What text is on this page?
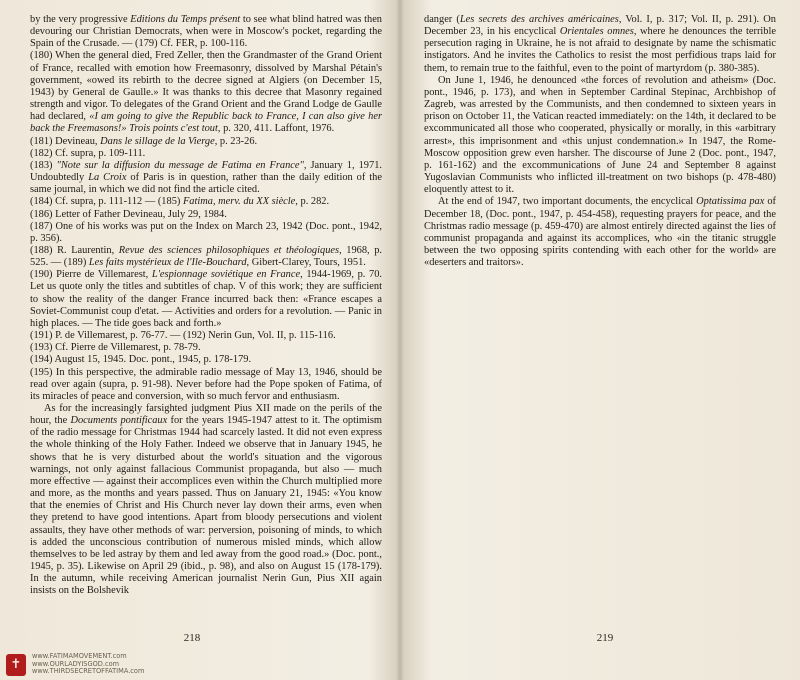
by the very progressive Editions du Temps présent to see what blind hatred was then devouring our Christian Democrats, when were in Moscow's pocket, regarding the Spain of the Crusade. — (179) Cf. FER, p. 100-116.

(180) When the general died, Fred Zeller, then the Grandmaster of the Grand Orient of France, recalled with emotion how Freemasonry, dissolved by Marshal Pétain's government, «owed its rebirth to the decree signed at Algiers (on December 15, 1943) by General de Gaulle.» It was thanks to this decree that Masonry regained strength and vigor. To delegates of the Grand Orient and the Grand Lodge de Gaulle had declared, «I am going to give the Republic back to France, I can also give her back the Freemasons!» Trois points c'est tout, p. 320, 411. Laffont, 1976.

(181) Devineau, Dans le sillage de la Vierge, p. 23-26.

(182) Cf. supra, p. 109-111.

(183) "Note sur la diffusion du message de Fatima en France", January 1, 1971. Undoubtedly La Croix of Paris is in question, rather than the daily edition of the same journal, in which we did not find the article cited.

(184) Cf. supra, p. 111-112 — (185) Fatima, merv. du XX siècle, p. 282.

(186) Letter of Father Devineau, July 29, 1984.

(187) One of his works was put on the Index on March 23, 1942 (Doc. pont., 1942, p. 356).

(188) R. Laurentin, Revue des sciences philosophiques et théologiques, 1968, p. 525. — (189) Les faits mystérieux de l'Ile-Bouchard, Gibert-Clarey, Tours, 1951.

(190) Pierre de Villemarest, L'espionnage soviétique en France, 1944-1969, p. 70. Let us quote only the titles and subtitles of chap. V of this work; they are sufficient to show the reality of the danger France incurred back then: «France escapes a Soviet-Communist coup d'etat. — Activities and orders for a revolution. — Panic in high places. — The tide goes back and forth.»

(191) P. de Villemarest, p. 76-77. — (192) Nerin Gun, Vol. II, p. 115-116.

(193) Cf. Pierre de Villemarest, p. 78-79.

(194) August 15, 1945. Doc. pont., 1945, p. 178-179.

(195) In this perspective, the admirable radio message of May 13, 1946, should be read over again (supra, p. 91-98). Never before had the Pope spoken of Fatima, of its miracles of peace and conversion, with so much fervor and enthusiasm.

As for the increasingly farsighted judgment Pius XII made on the perils of the hour, the Documents pontificaux for the years 1945-1947 attest to it. The optimism of the radio message for Christmas 1944 had scarcely lasted. It did not even express the whole thinking of the Holy Father. Indeed we observe that in January 1945, he shows that he is very disturbed about the world's situation and the vigorous warnings, not only against fallacious Communist propaganda, but also — much more effective — against their accomplices even within the Church multiplied more and more, as the months and years passed. Thus on January 21, 1945: «You know that the enemies of Christ and His Church never lay down their arms, even when they pretend to have good intentions. Apart from bloody persecutions and violent assaults, they have other methods of war: perversion, poisoning of minds, to which is added the unconscious contribution of numerous misled minds, which allow themselves to be led astray by them and led away from the good road.» (Doc. pont., 1945, p. 35). Likewise on April 29 (ibid., p. 98), and also on August 15 (178-179). In the autumn, while receiving American journalist Nerin Gun, Pius XII again insists on the Bolshevik

218
✝
www.FATIMAMOVEMENT.com
www.OURLADYISGOD.com
www.THIRDSECRETOFFATIMA.com

danger (Les secrets des archives américaines, Vol. I, p. 317; Vol. II, p. 291). On December 23, in his encyclical Orientales omnes, where he denounces the terrible persecution raging in Ukraine, he is not afraid to designate by name the schismatic instigators. And he invites the Catholics to resist the most perfidious traps laid for them, to remain true to the faithful, even to the point of martyrdom (p. 380-385).

On June 1, 1946, he denounced «the forces of revolution and atheism» (Doc. pont., 1946, p. 173), and when in September Cardinal Stepinac, Archbishop of Zagreb, was arrested by the Communists, and then condemned to sixteen years in prison on October 11, the Vatican reacted immediately: on the 14th, it declared to be excommunicated all those who cooperated, physically or morally, in this «arbitrary arrest», this imprisonment and «this unjust condemnation.» In 1947, the Rome-Moscow opposition grew even harsher. The discourse of June 2 (Doc. pont., 1947, p. 161-162) and the excommunications of June 24 and September 8 against Yugoslavian Communists who inflicted ill-treatment on two bishops (p. 478-480) eloquently attest to it.

At the end of 1947, two important documents, the encyclical Optatissima pax of December 18, (Doc. pont., 1947, p. 454-458), requesting prayers for peace, and the Christmas radio message (p. 459-470) are almost entirely directed against the lies of communist propaganda and against its accomplices, who «in the titanic struggle between the two opposing spirits contending with each other for the world» are «deserters and traitors».

219
